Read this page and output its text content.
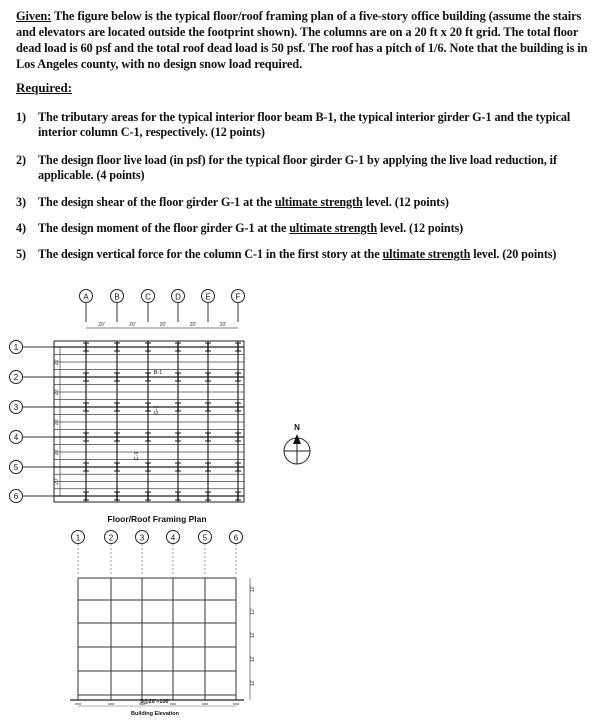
Given: The figure below is the typical floor/roof framing plan of a five-story office building (assume the stairs and elevators are located outside the footprint shown). The columns are on a 20 ft x 20 ft grid. The total floor dead load is 60 psf and the total roof dead load is 50 psf. The roof has a pitch of 1/6. Note that the building is in Los Angeles county, with no design snow load required.
Required:
1) The tributary areas for the typical interior floor beam B-1, the typical interior girder G-1 and the typical interior column C-1, respectively. (12 points)
2) The design floor live load (in psf) for the typical floor girder G-1 by applying the live load reduction, if applicable. (4 points)
3) The design shear of the floor girder G-1 at the ultimate strength level. (12 points)
4) The design moment of the floor girder G-1 at the ultimate strength level. (12 points)
5) The design vertical force for the column C-1 in the first story at the ultimate strength level. (20 points)
A	B	C	D	E	F
20'	20'	20'	20'	20'
1
2
3
4
5
6
20'
20'
20'
20'
20'
B-1
G-1
C-1
Floor/Roof Framing Plan
N
1	2	3	4	5	6
12'
12'
12'
12'
12'
5@20'=100'
Building Elevation
